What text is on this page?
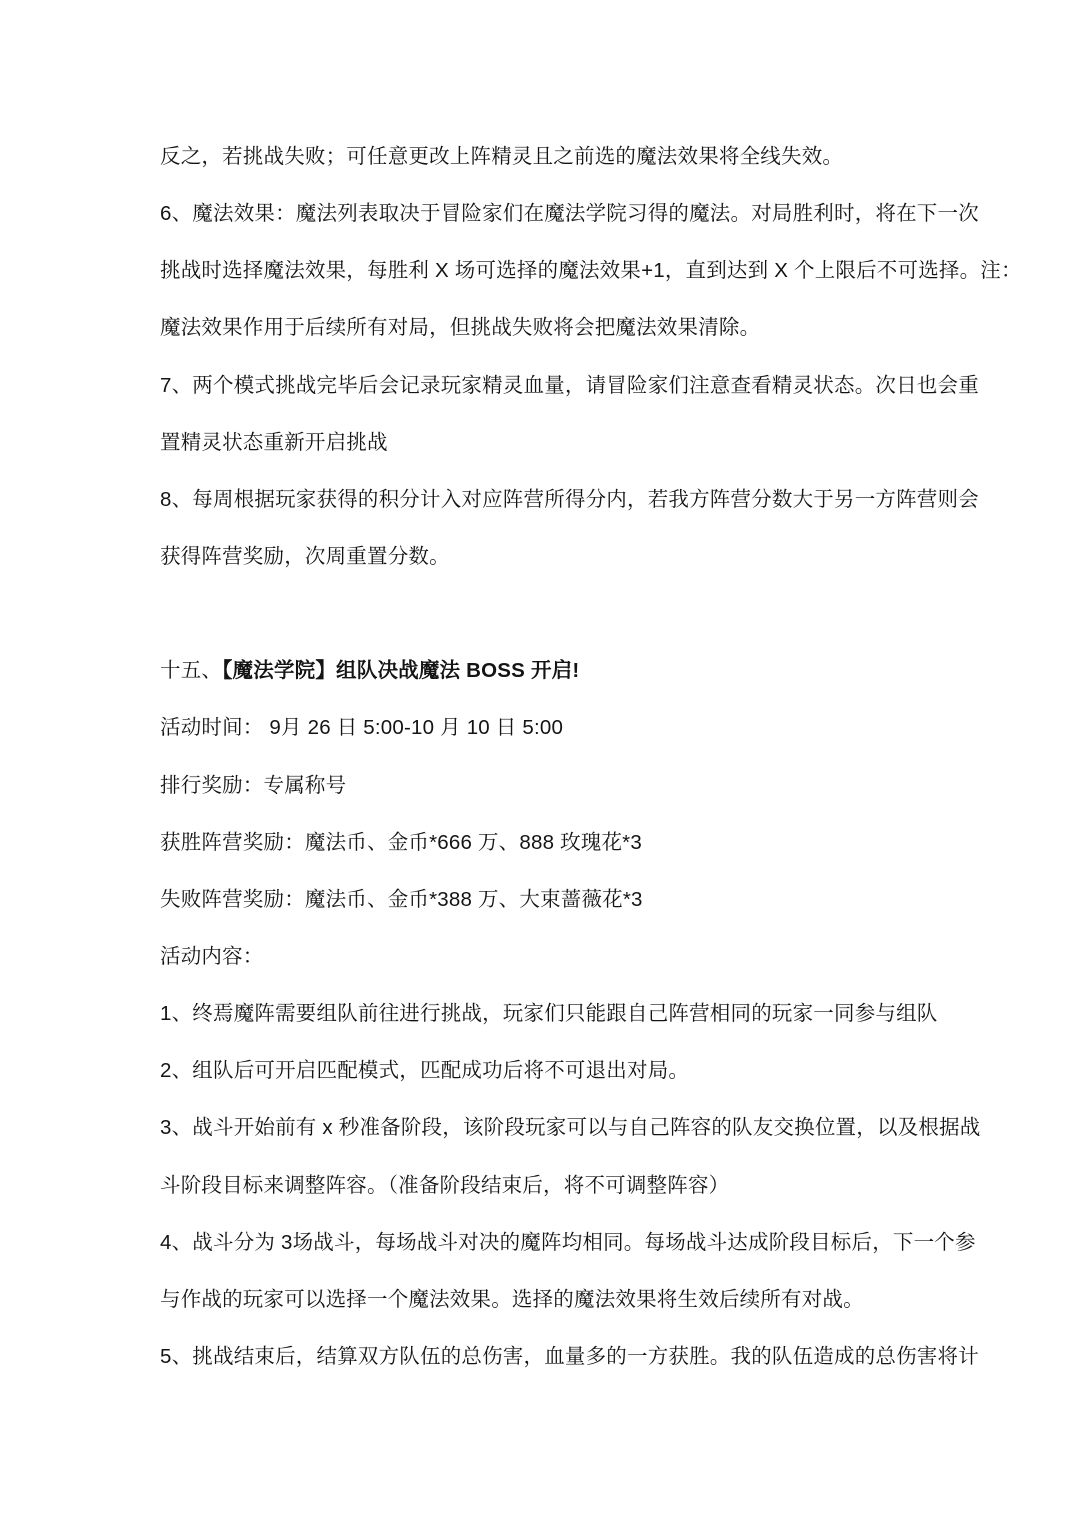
反之，若挑战失败；可任意更改上阵精灵且之前选的魔法效果将全线失效。
6、魔法效果：魔法列表取决于冒险家们在魔法学院习得的魔法。对局胜利时，将在下一次
挑战时选择魔法效果，每胜利 X 场可选择的魔法效果+1，直到达到 X 个上限后不可选择。注：
魔法效果作用于后续所有对局，但挑战失败将会把魔法效果清除。
7、两个模式挑战完毕后会记录玩家精灵血量，请冒险家们注意查看精灵状态。次日也会重
置精灵状态重新开启挑战
8、每周根据玩家获得的积分计入对应阵营所得分内，若我方阵营分数大于另一方阵营则会
获得阵营奖励，次周重置分数。
十五、【魔法学院】组队决战魔法 BOSS 开启!
活动时间： 9月 26 日 5:00-10 月 10 日 5:00
排行奖励：专属称号
获胜阵营奖励：魔法币、金币*666 万、888 玫瑰花*3
失败阵营奖励：魔法币、金币*388 万、大束蔷薇花*3
活动内容：
1、终焉魔阵需要组队前往进行挑战，玩家们只能跟自己阵营相同的玩家一同参与组队
2、组队后可开启匹配模式，匹配成功后将不可退出对局。
3、战斗开始前有 x 秒准备阶段，该阶段玩家可以与自己阵容的队友交换位置，以及根据战
斗阶段目标来调整阵容。（准备阶段结束后，将不可调整阵容）
4、战斗分为 3场战斗，每场战斗对决的魔阵均相同。每场战斗达成阶段目标后，下一个参
与作战的玩家可以选择一个魔法效果。选择的魔法效果将生效后续所有对战。
5、挑战结束后，结算双方队伍的总伤害，血量多的一方获胜。我的队伍造成的总伤害将计
